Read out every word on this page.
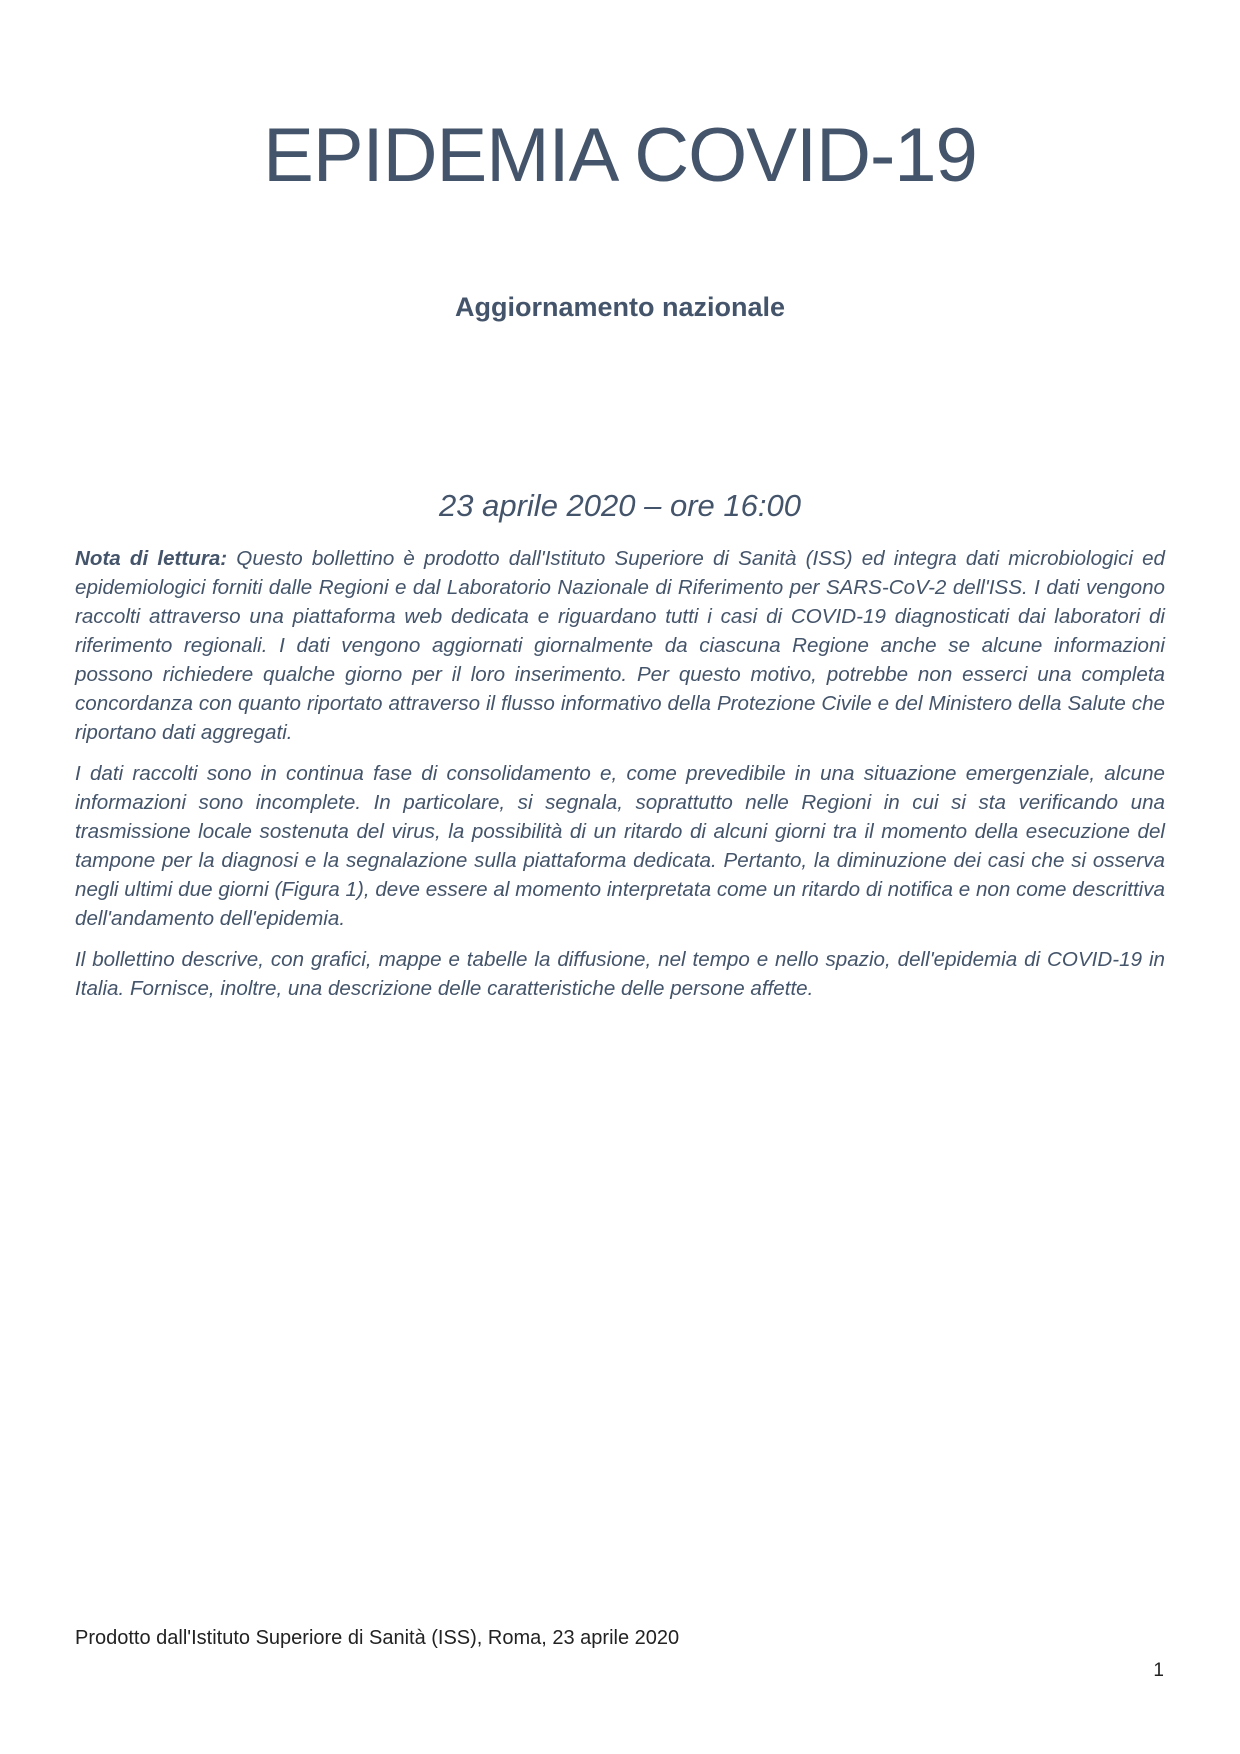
EPIDEMIA COVID-19
Aggiornamento nazionale
23 aprile 2020 – ore 16:00

Nota di lettura: Questo bollettino è prodotto dall'Istituto Superiore di Sanità (ISS) ed integra dati microbiologici ed epidemiologici forniti dalle Regioni e dal Laboratorio Nazionale di Riferimento per SARS-CoV-2 dell'ISS. I dati vengono raccolti attraverso una piattaforma web dedicata e riguardano tutti i casi di COVID-19 diagnosticati dai laboratori di riferimento regionali. I dati vengono aggiornati giornalmente da ciascuna Regione anche se alcune informazioni possono richiedere qualche giorno per il loro inserimento. Per questo motivo, potrebbe non esserci una completa concordanza con quanto riportato attraverso il flusso informativo della Protezione Civile e del Ministero della Salute che riportano dati aggregati.

I dati raccolti sono in continua fase di consolidamento e, come prevedibile in una situazione emergenziale, alcune informazioni sono incomplete. In particolare, si segnala, soprattutto nelle Regioni in cui si sta verificando una trasmissione locale sostenuta del virus, la possibilità di un ritardo di alcuni giorni tra il momento della esecuzione del tampone per la diagnosi e la segnalazione sulla piattaforma dedicata. Pertanto, la diminuzione dei casi che si osserva negli ultimi due giorni (Figura 1), deve essere al momento interpretata come un ritardo di notifica e non come descrittiva dell'andamento dell'epidemia.

Il bollettino descrive, con grafici, mappe e tabelle la diffusione, nel tempo e nello spazio, dell'epidemia di COVID-19 in Italia. Fornisce, inoltre, una descrizione delle caratteristiche delle persone affette.

Prodotto dall'Istituto Superiore di Sanità (ISS), Roma, 23 aprile 2020
1
